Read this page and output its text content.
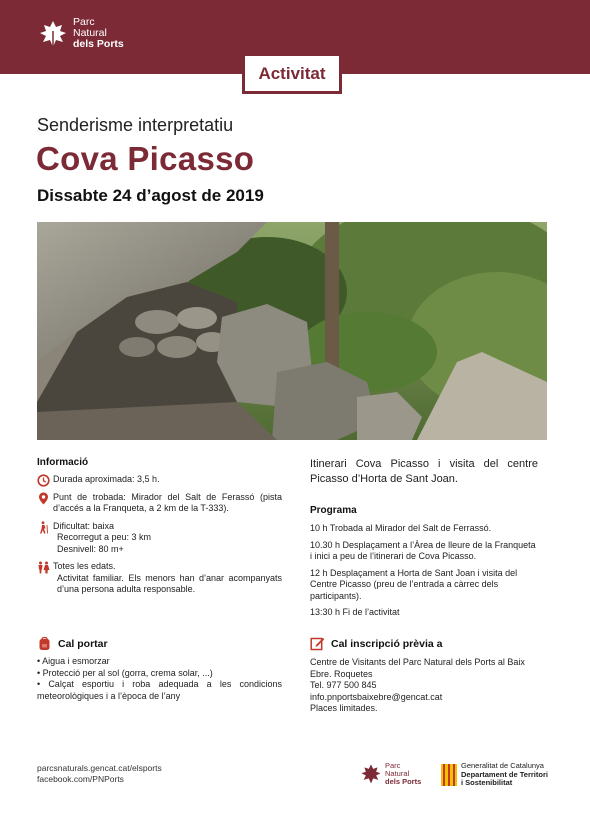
Parc
Natural
dels Ports
Activitat
Senderisme interpretatiu
Cova Picasso
Dissabte 24 d’agost de 2019
Informació
Durada aproximada: 3,5 h.
Punt de trobada: Mirador del Salt de Ferassó (pista d’accés a la Franqueta, a 2 km de la T-333).
Dificultat: baixa
Recorregut a peu: 3 km
Desnivell: 80 m+
Totes les edats.
Activitat familiar. Els menors han d’anar acompanyats d’una persona adulta responsable.
Itinerari Cova Picasso i visita del centre Picasso d’Horta de Sant Joan.
Programa
10 h Trobada al Mirador del Salt de Ferrassó.
10.30 h Desplaçament a l’Àrea de lleure de la Franqueta i inici a peu de l’itinerari de Cova Picasso.
12 h Desplaçament a Horta de Sant Joan i visita del Centre Picasso (preu de l’entrada a càrrec dels participants).
13:30 h Fi de l’activitat
Cal portar
• Aigua i esmorzar
• Protecció per al sol (gorra, crema solar, ...)
• Calçat esportiu i roba adequada a les condicions meteorològiques i a l’època de l’any
Cal inscripció prèvia a
Centre de Visitants del Parc Natural dels Ports al Baix Ebre. Roquetes
Tel. 977 500 845
info.pnportsbaixebre@gencat.cat
Places limitades.
parcsnaturals.gencat.cat/elsports
facebook.com/PNPorts
Parc
Natural
dels Ports
Generalitat de Catalunya
Departament de Territori
i Sostenibilitat
